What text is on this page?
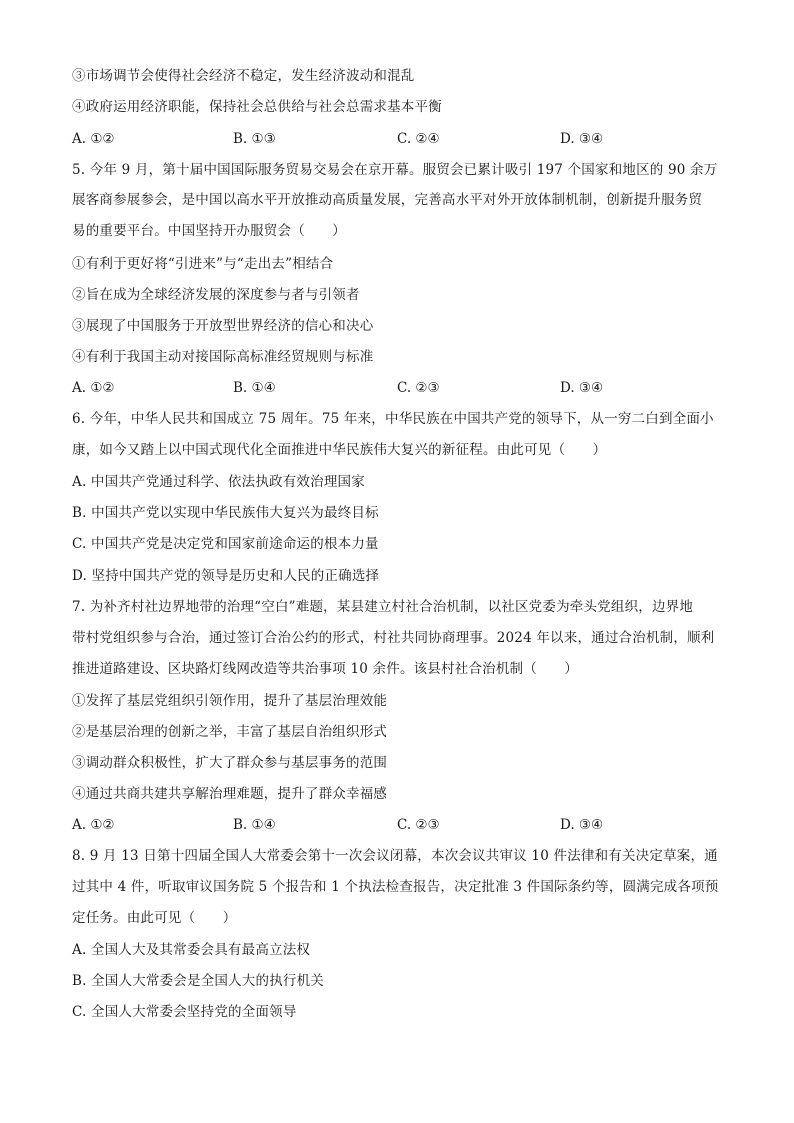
③市场调节会使得社会经济不稳定，发生经济波动和混乱
④政府运用经济职能，保持社会总供给与社会总需求基本平衡
A. ①②	B. ①③	C. ②④	D. ③④
5. 今年 9 月，第十届中国国际服务贸易交易会在京开幕。服贸会已累计吸引 197 个国家和地区的 90 余万
展客商参展参会，是中国以高水平开放推动高质量发展，完善高水平对外开放体制机制，创新提升服务贸
易的重要平台。中国坚持开办服贸会（　　）
①有利于更好将“引进来”与“走出去”相结合
②旨在成为全球经济发展的深度参与者与引领者
③展现了中国服务于开放型世界经济的信心和决心
④有利于我国主动对接国际高标准经贸规则与标准
A. ①②	B. ①④	C. ②③	D. ③④
6. 今年，中华人民共和国成立 75 周年。75 年来，中华民族在中国共产党的领导下，从一穷二白到全面小
康，如今又踏上以中国式现代化全面推进中华民族伟大复兴的新征程。由此可见（　　）
A. 中国共产党通过科学、依法执政有效治理国家
B. 中国共产党以实现中华民族伟大复兴为最终目标
C. 中国共产党是决定党和国家前途命运的根本力量
D. 坚持中国共产党的领导是历史和人民的正确选择
7. 为补齐村社边界地带的治理“空白”难题，某县建立村社合治机制，以社区党委为牵头党组织，边界地
带村党组织参与合治，通过签订合治公约的形式，村社共同协商理事。2024 年以来，通过合治机制，顺利
推进道路建设、区块路灯线网改造等共治事项 10 余件。该县村社合治机制（　　）
①发挥了基层党组织引领作用，提升了基层治理效能
②是基层治理的创新之举，丰富了基层自治组织形式
③调动群众积极性，扩大了群众参与基层事务的范围
④通过共商共建共享解治理难题，提升了群众幸福感
A. ①②	B. ①④	C. ②③	D. ③④
8. 9 月 13 日第十四届全国人大常委会第十一次会议闭幕，本次会议共审议 10 件法律和有关决定草案，通
过其中 4 件，听取审议国务院 5 个报告和 1 个执法检查报告，决定批准 3 件国际条约等，圆满完成各项预
定任务。由此可见（　　）
A. 全国人大及其常委会具有最高立法权
B. 全国人大常委会是全国人大的执行机关
C. 全国人大常委会坚持党的全面领导
